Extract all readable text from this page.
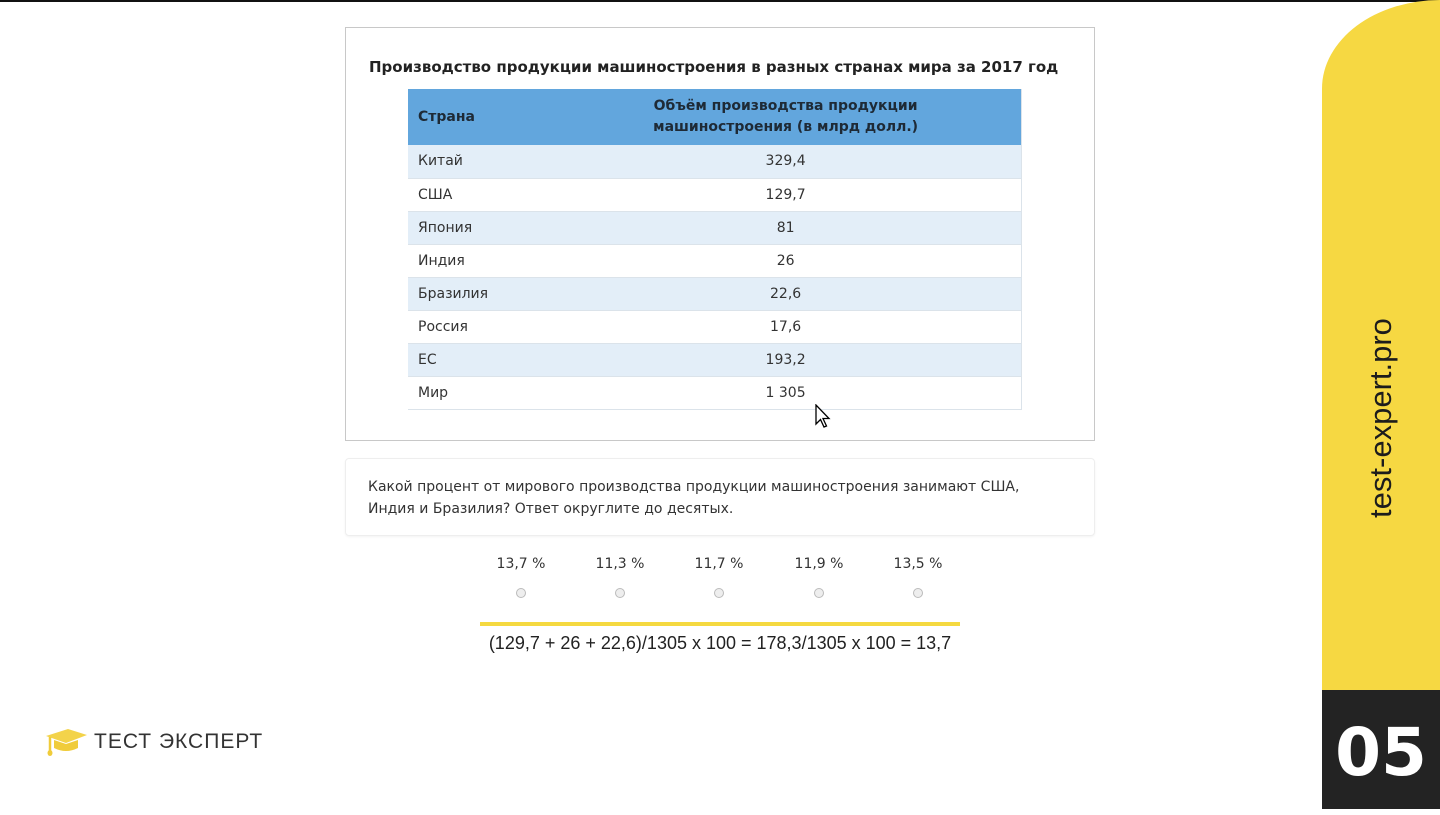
Производство продукции машиностроения в разных странах мира за 2017 год
Страна	Объём производства продукции
машиностроения (в млрд долл.)
Китай	329,4
США	129,7
Япония	81
Индия	26
Бразилия	22,6
Россия	17,6
ЕС	193,2
Мир	1 305
Какой процент от мирового производства продукции машиностроения занимают США,
Индия и Бразилия? Ответ округлите до десятых.
13,7 %	11,3 %	11,7 %	11,9 %	13,5 %
(129,7 + 26 + 22,6)/1305 x 100 = 178,3/1305 x 100 = 13,7
ТЕСТ ЭКСПЕРТ
test-expert.pro
05
